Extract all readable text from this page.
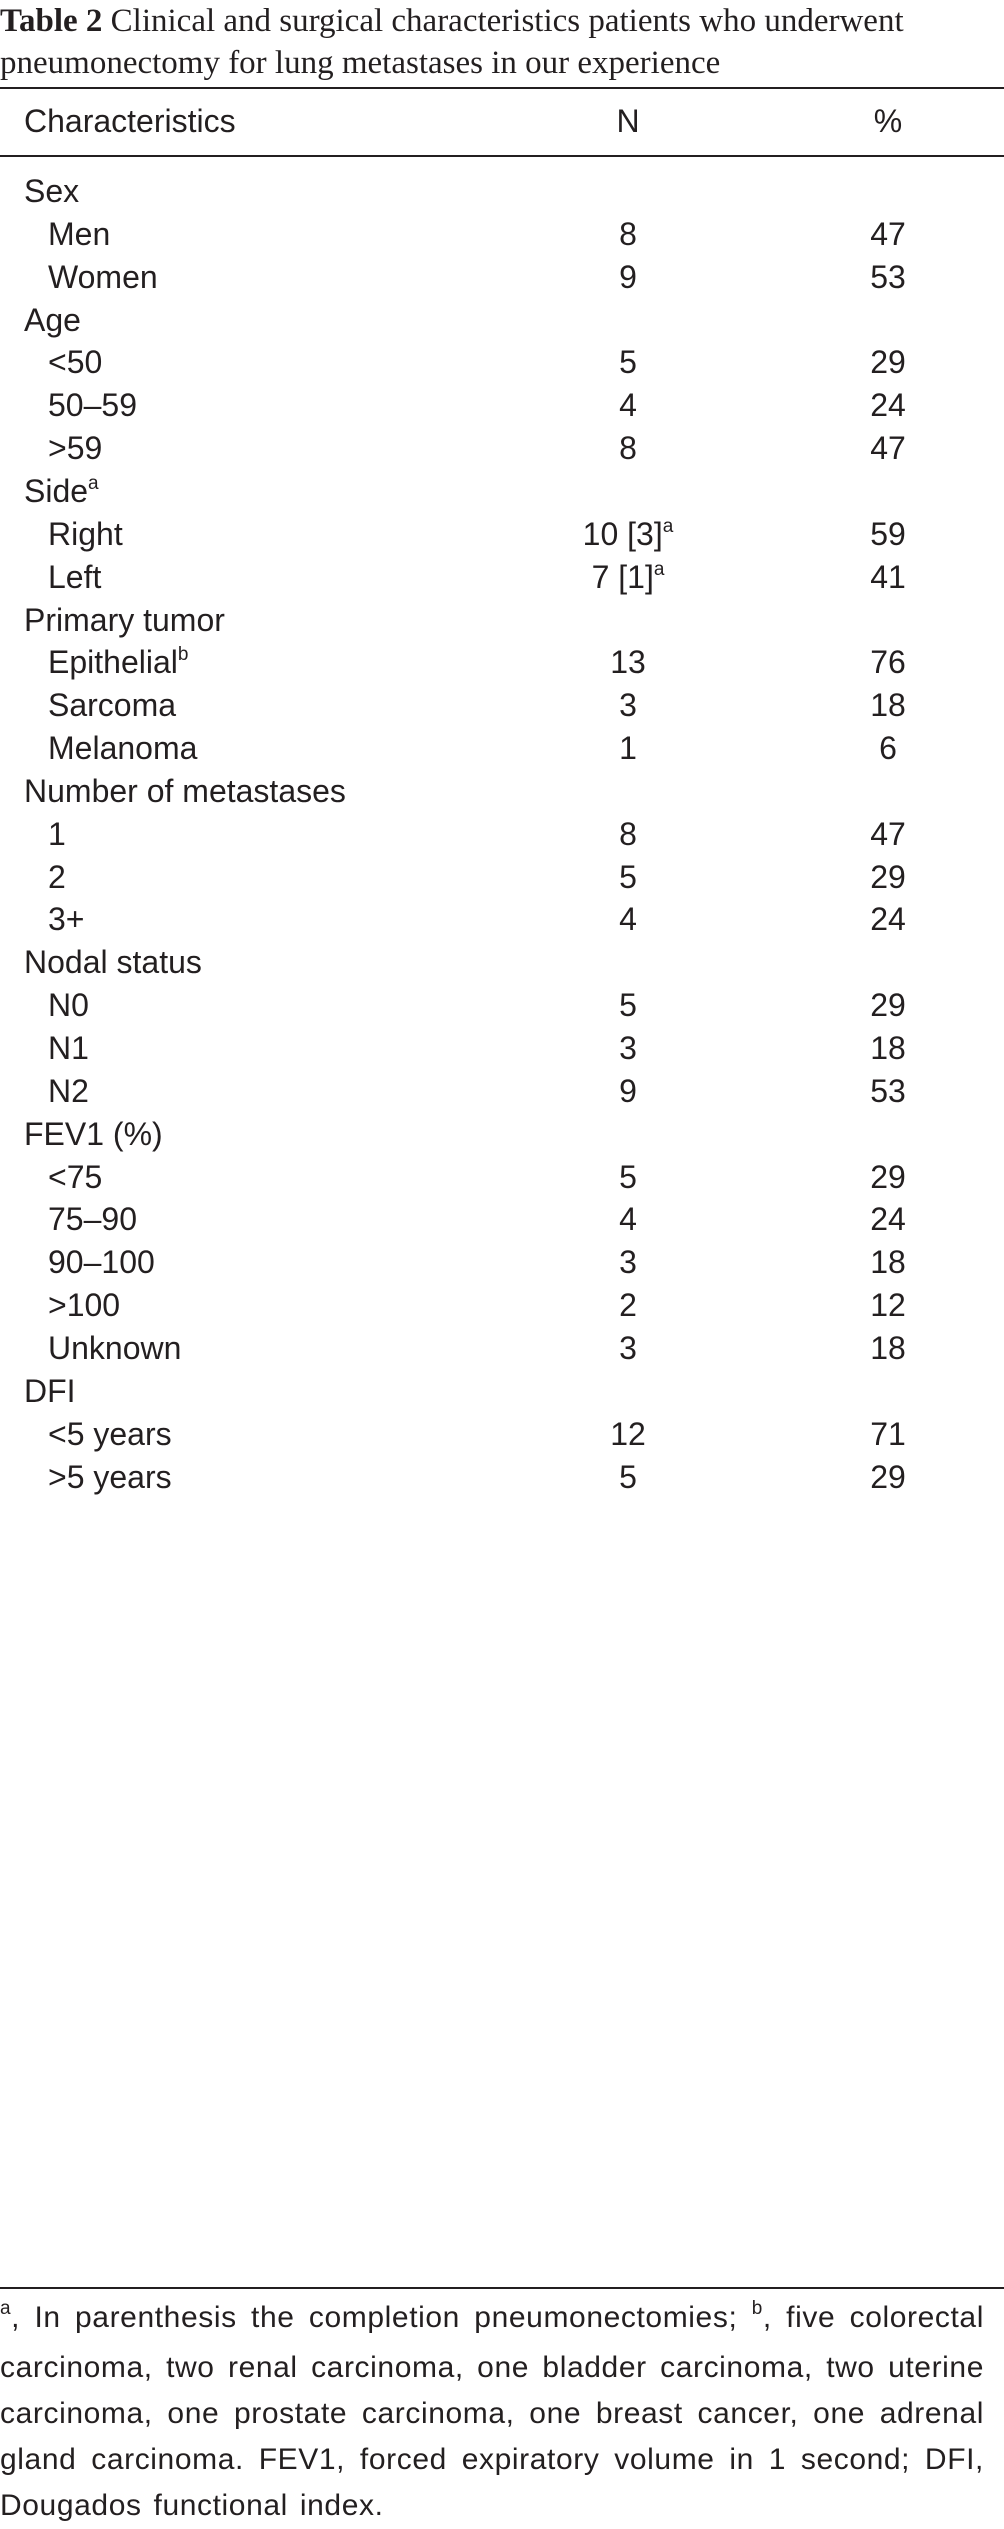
Table 2 Clinical and surgical characteristics patients who underwent pneumonectomy for lung metastases in our experience
Characteristics	N	%
Sex
Men	8	47
Women	9	53
Age
<50	5	29
50–59	4	24
>59	8	47
Side$^a$
Right	10 $[3]^a$	59
Left	7 $[1]^a$	41
Primary tumor
Epithelial$^b$	13	76
Sarcoma	3	18
Melanoma	1	6
Number of metastases
1	8	47
2	5	29
3+	4	24
Nodal status
N0	5	29
N1	3	18
N2	9	53
FEV1 (%)
<75	5	29
75–90	4	24
90–100	3	18
>100	2	12
Unknown	3	18
DFI
<5 years	12	71
>5 years	5	29
$^a$, In parenthesis the completion pneumonectomies; $^b$, five colorectal carcinoma, two renal carcinoma, one bladder carcinoma, two uterine carcinoma, one prostate carcinoma, one breast cancer, one adrenal gland carcinoma. FEV1, forced expiratory volume in 1 second; DFI, Dougados functional index.
